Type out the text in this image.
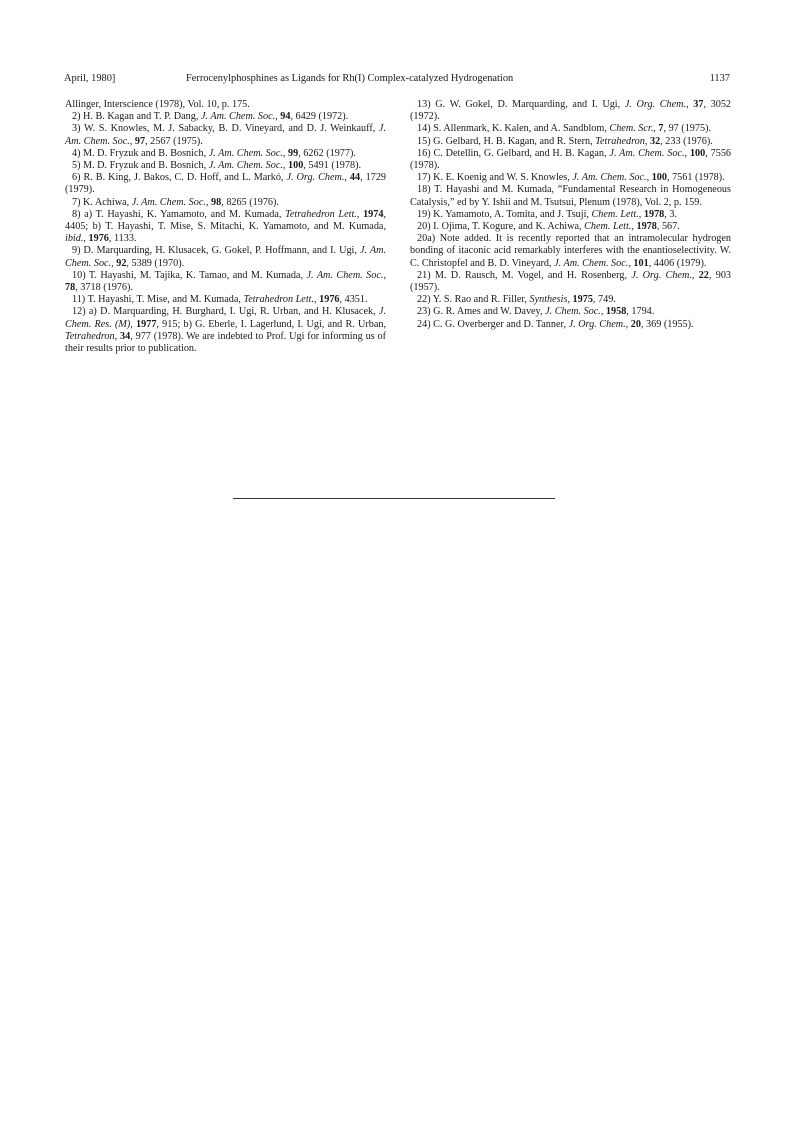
April, 1980]	Ferrocenylphosphines as Ligands for Rh(I) Complex-catalyzed Hydrogenation	1137

Allinger, Interscience (1978), Vol. 10, p. 175.

2) H. B. Kagan and T. P. Dang, J. Am. Chem. Soc., 94, 6429 (1972).

3) W. S. Knowles, M. J. Sabacky, B. D. Vineyard, and D. J. Weinkauff, J. Am. Chem. Soc., 97, 2567 (1975).

4) M. D. Fryzuk and B. Bosnich, J. Am. Chem. Soc., 99, 6262 (1977).

5) M. D. Fryzuk and B. Bosnich, J. Am. Chem. Soc., 100, 5491 (1978).

6) R. B. King, J. Bakos, C. D. Hoff, and L. Markó, J. Org. Chem., 44, 1729 (1979).

7) K. Achiwa, J. Am. Chem. Soc., 98, 8265 (1976).

8) a) T. Hayashi, K. Yamamoto, and M. Kumada, Tetrahedron Lett., 1974, 4405; b) T. Hayashi, T. Mise, S. Mitachi, K. Yamamoto, and M. Kumada, ibid., 1976, 1133.

9) D. Marquarding, H. Klusacek, G. Gokel, P. Hoffmann, and I. Ugi, J. Am. Chem. Soc., 92, 5389 (1970).

10) T. Hayashi, M. Tajika, K. Tamao, and M. Kumada, J. Am. Chem. Soc., 78, 3718 (1976).

11) T. Hayashi, T. Mise, and M. Kumada, Tetrahedron Lett., 1976, 4351.

12) a) D. Marquarding, H. Burghard, I. Ugi, R. Urban, and H. Klusacek, J. Chem. Res. (M), 1977, 915; b) G. Eberle, I. Lagerlund, I. Ugi, and R. Urban, Tetrahedron, 34, 977 (1978). We are indebted to Prof. Ugi for informing us of their results prior to publication.

13) G. W. Gokel, D. Marquarding, and I. Ugi, J. Org. Chem., 37, 3052 (1972).

14) S. Allenmark, K. Kalen, and A. Sandblom, Chem. Scr., 7, 97 (1975).

15) G. Gelbard, H. B. Kagan, and R. Stern, Tetrahedron, 32, 233 (1976).

16) C. Detellin, G. Gelbard, and H. B. Kagan, J. Am. Chem. Soc., 100, 7556 (1978).

17) K. E. Koenig and W. S. Knowles, J. Am. Chem. Soc., 100, 7561 (1978).

18) T. Hayashi and M. Kumada, “Fundamental Research in Homogeneous Catalysis,” ed by Y. Ishii and M. Tsutsui, Plenum (1978), Vol. 2, p. 159.

19) K. Yamamoto, A. Tomita, and J. Tsuji, Chem. Lett., 1978, 3.

20) I. Ojima, T. Kogure, and K. Achiwa, Chem. Lett., 1978, 567.

20a) Note added. It is recently reported that an intramolecular hydrogen bonding of itaconic acid remarkably interferes with the enantioselectivity. W. C. Christopfel and B. D. Vineyard, J. Am. Chem. Soc., 101, 4406 (1979).

21) M. D. Rausch, M. Vogel, and H. Rosenberg, J. Org. Chem., 22, 903 (1957).

22) Y. S. Rao and R. Filler, Synthesis, 1975, 749.

23) G. R. Ames and W. Davey, J. Chem. Soc., 1958, 1794.

24) C. G. Overberger and D. Tanner, J. Org. Chem., 20, 369 (1955).
